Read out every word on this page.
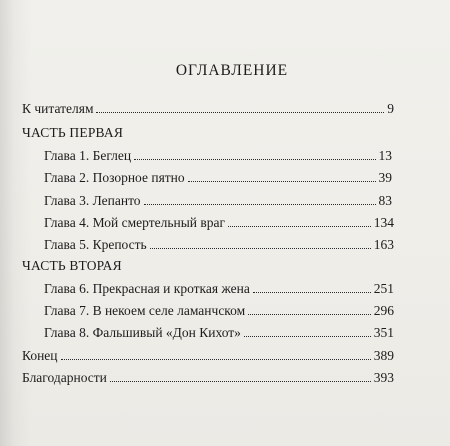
ОГЛАВЛЕНИЕ
К читателям	9
ЧАСТЬ ПЕРВАЯ
Глава 1. Беглец	13
Глава 2. Позорное пятно	39
Глава 3. Лепанто	83
Глава 4. Мой смертельный враг	134
Глава 5. Крепость	163
ЧАСТЬ ВТОРАЯ
Глава 6. Прекрасная и кроткая жена	251
Глава 7. В некоем селе ламанчском	296
Глава 8. Фальшивый «Дон Кихот»	351
Конец	389
Благодарности	393
